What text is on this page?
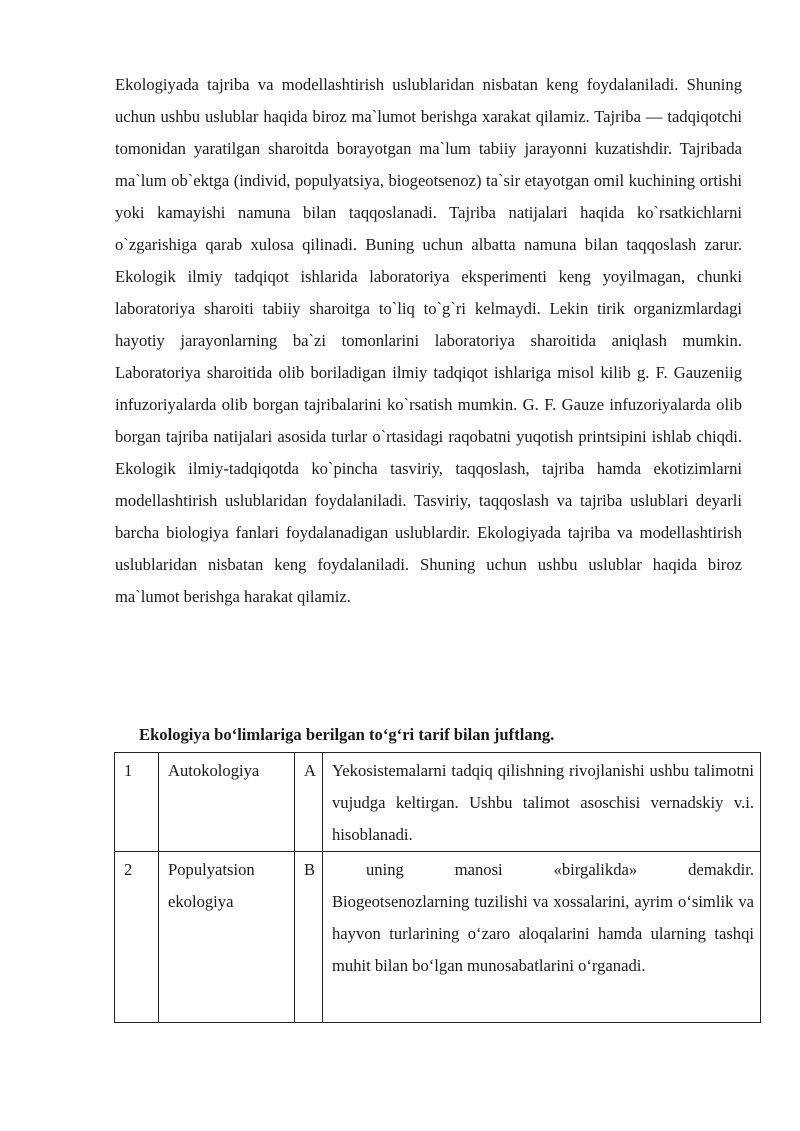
Ekologiyada tajriba va modellashtirish uslublaridan nisbatan keng foydalaniladi. Shuning uchun ushbu uslublar haqida biroz ma`lumot berishga xarakat qilamiz. Tajriba — tadqiqotchi tomonidan yaratilgan sharoitda borayotgan ma`lum tabiiy jarayonni kuzatishdir. Tajribada ma`lum ob`ektga (individ, populyatsiya, biogeotsenoz) ta`sir etayotgan omil kuchining ortishi yoki kamayishi namuna bilan taqqoslanadi. Tajriba natijalari haqida ko`rsatkichlarni o`zgarishiga qarab xulosa qilinadi. Buning uchun albatta namuna bilan taqqoslash zarur. Ekologik ilmiy tadqiqot ishlarida laboratoriya eksperimenti keng yoyilmagan, chunki laboratoriya sharoiti tabiiy sharoitga to`liq to`g`ri kelmaydi. Lekin tirik organizmlardagi hayotiy jarayonlarning ba`zi tomonlarini laboratoriya sharoitida aniqlash mumkin. Laboratoriya sharoitida olib boriladigan ilmiy tadqiqot ishlariga misol kilib g. F. Gauzeniig infuzoriyalarda olib borgan tajribalarini ko`rsatish mumkin. G. F. Gauze infuzoriyalarda olib borgan tajriba natijalari asosida turlar o`rtasidagi raqobatni yuqotish printsipini ishlab chiqdi. Ekologik ilmiy-tadqiqotda ko`pincha tasviriy, taqqoslash, tajriba hamda ekotizimlarni modellashtirish uslublaridan foydalaniladi. Tasviriy, taqqoslash va tajriba uslublari deyarli barcha biologiya fanlari foydalanadigan uslublardir. Ekologiyada tajriba va modellashtirish uslublaridan nisbatan keng foydalaniladi. Shuning uchun ushbu uslublar haqida biroz ma`lumot berishga harakat qilamiz.

Ekologiya bo‘limlariga berilgan to‘g‘ri tarif bilan juftlang.

1	Autokologiya	A	Yekosistemalarni tadqiq qilishning rivojlanishi ushbu talimotni vujudga keltirgan. Ushbu talimot asoschisi vernadskiy v.i. hisoblanadi.
2	Populyatsion ekologiya	B	uning manosi «birgalikda» demakdir. Biogeotsenozlarning tuzilishi va xossalarini, ayrim o‘simlik va hayvon turlarining o‘zaro aloqalarini hamda ularning tashqi muhit bilan bo‘lgan munosabatlarini o‘rganadi.
